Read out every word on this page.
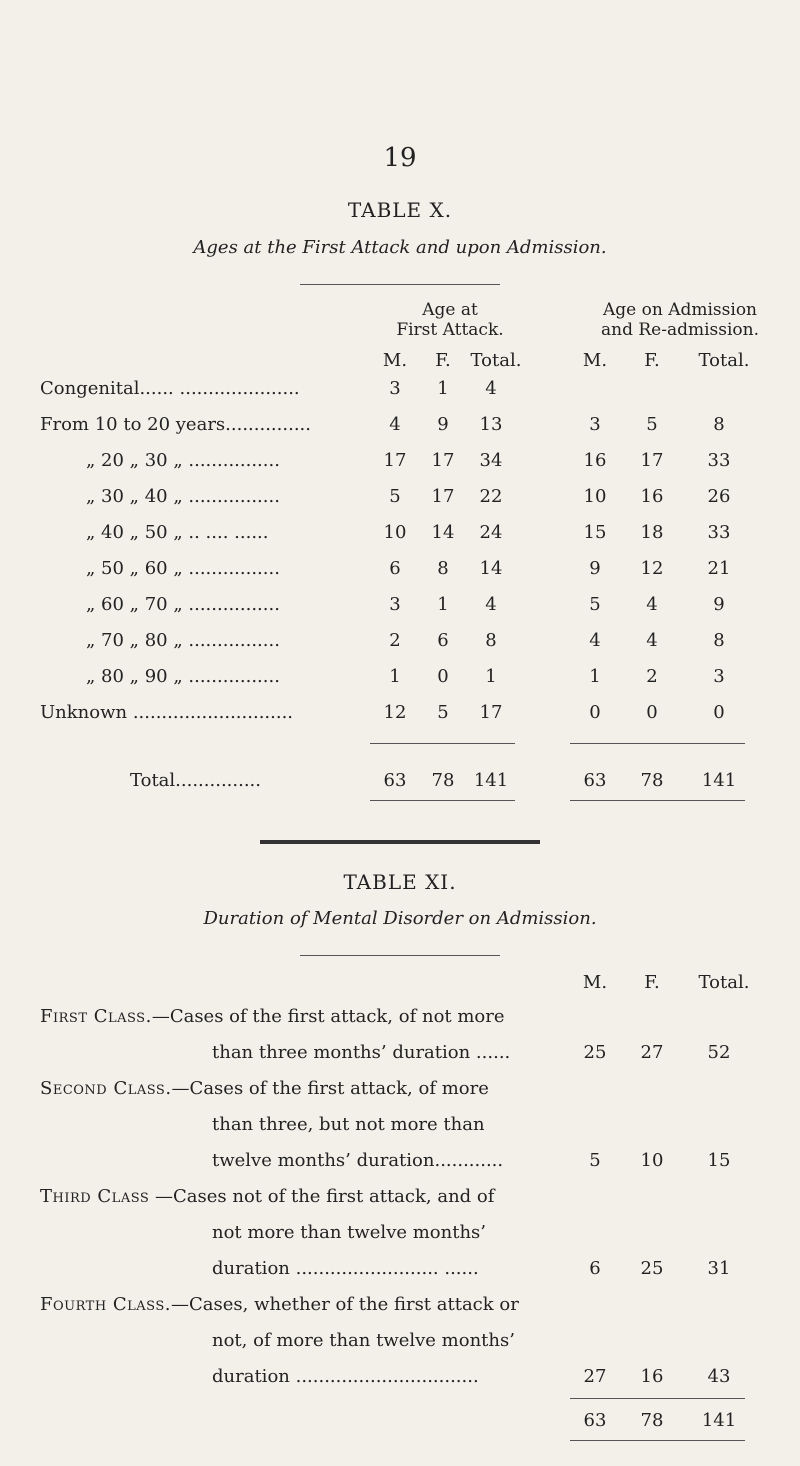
19
TABLE X.
Ages at the First Attack and upon Admission.
Age at
First Attack.
Age on Admission
and Re-admission.
M.	F.	Total.	M.	F.	Total.
Congenital...... .....................	3	1	4
From 10 to 20 years...............	4	9	13	3	5	8
„ 20 „ 30 „ ................	17	17	34	16	17	33
„ 30 „ 40 „ ................	5	17	22	10	16	26
„ 40 „ 50 „ .. .... ......	10	14	24	15	18	33
„ 50 „ 60 „ ................	6	8	14	9	12	21
„ 60 „ 70 „ ................	3	1	4	5	4	9
„ 70 „ 80 „ ................	2	6	8	4	4	8
„ 80 „ 90 „ ................	1	0	1	1	2	3
Unknown ............................	12	5	17	0	0	0
Total...............	63	78	141	63	78	141
TABLE XI.
Duration of Mental Disorder on Admission.
M.	F.	Total.
First Class.—Cases of the first attack, of not more
than three months’ duration ......	25	27	52
Second Class.—Cases of the first attack, of more
than three, but not more than
twelve months’ duration............	5	10	15
Third Class —Cases not of the first attack, and of
not more than twelve months’
duration ......................... ......	6	25	31
Fourth Class.—Cases, whether of the first attack or
not, of more than twelve months’
duration ................................	27	16	43
63	78	141
